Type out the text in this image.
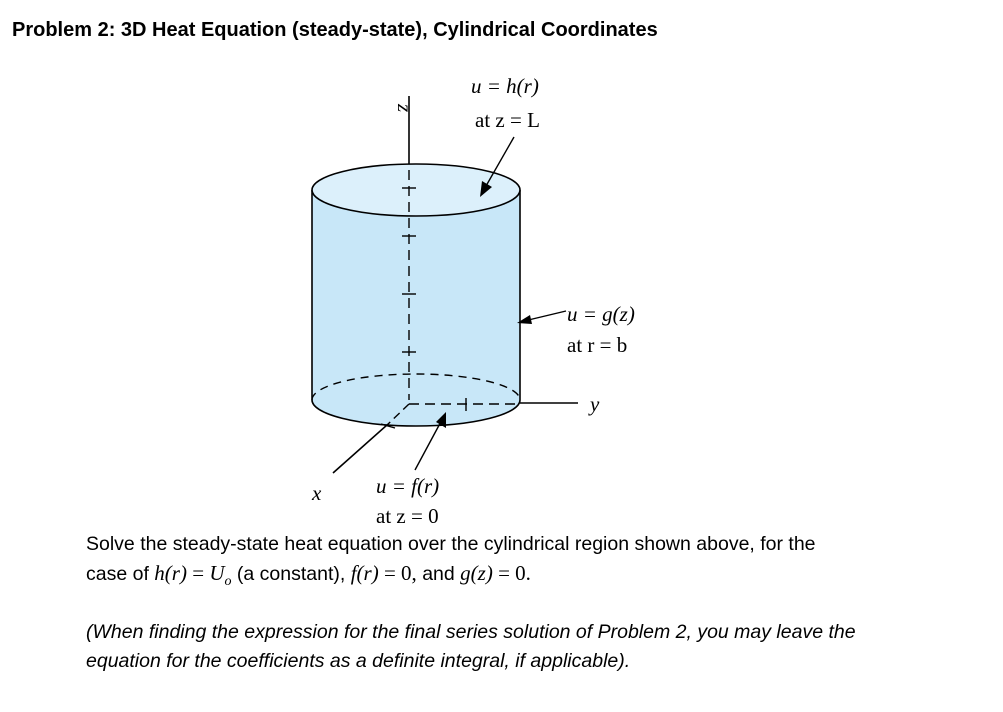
Problem 2: 3D Heat Equation (steady-state), Cylindrical Coordinates
u = h(r)
at z = L
u = g(z)
at r = b
u = f(r)
at z = 0
z
y
x
Solve the steady-state heat equation over the cylindrical region shown above, for the
case of $h(r) = U_o$ (a constant), f(r) = 0, and g(z) = 0.
(When finding the expression for the final series solution of Problem 2, you may leave the
equation for the coefficients as a definite integral, if applicable).
